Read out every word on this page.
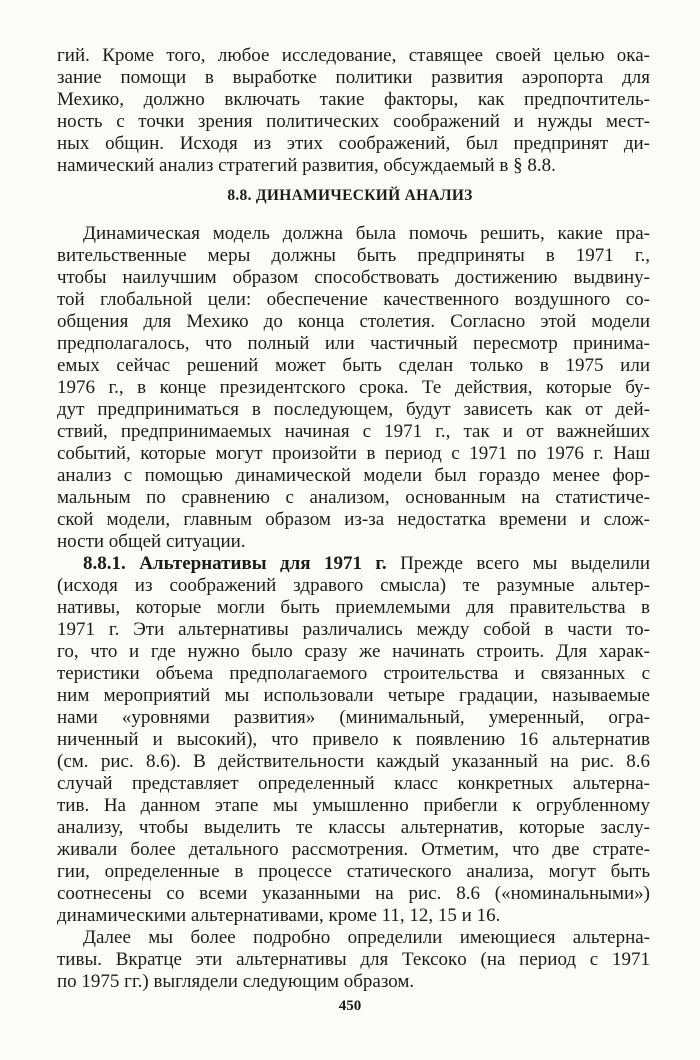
гий. Кроме того, любое исследование, ставящее своей целью ока-
зание помощи в выработке политики развития аэропорта для
Мехико, должно включать такие факторы, как предпочтитель-
ность с точки зрения политических соображений и нужды мест-
ных общин. Исходя из этих соображений, был предпринят ди-
намический анализ стратегий развития, обсуждаемый в § 8.8.
8.8. ДИНАМИЧЕСКИЙ АНАЛИЗ
Динамическая модель должна была помочь решить, какие пра-
вительственные меры должны быть предприняты в 1971 г.,
чтобы наилучшим образом способствовать достижению выдвину-
той глобальной цели: обеспечение качественного воздушного со-
общения для Мехико до конца столетия. Согласно этой модели
предполагалось, что полный или частичный пересмотр принима-
емых сейчас решений может быть сделан только в 1975 или
1976 г., в конце президентского срока. Те действия, которые бу-
дут предприниматься в последующем, будут зависеть как от дей-
ствий, предпринимаемых начиная с 1971 г., так и от важнейших
событий, которые могут произойти в период с 1971 по 1976 г. Наш
анализ с помощью динамической модели был гораздо менее фор-
мальным по сравнению с анализом, основанным на статистиче-
ской модели, главным образом из-за недостатка времени и слож-
ности общей ситуации.
8.8.1. Альтернативы для 1971 г. Прежде всего мы выделили
(исходя из соображений здравого смысла) те разумные альтер-
нативы, которые могли быть приемлемыми для правительства в
1971 г. Эти альтернативы различались между собой в части то-
го, что и где нужно было сразу же начинать строить. Для харак-
теристики объема предполагаемого строительства и связанных с
ним мероприятий мы использовали четыре градации, называемые
нами «уровнями развития» (минимальный, умеренный, огра-
ниченный и высокий), что привело к появлению 16 альтернатив
(см. рис. 8.6). В действительности каждый указанный на рис. 8.6
случай представляет определенный класс конкретных альтерна-
тив. На данном этапе мы умышленно прибегли к огрубленному
анализу, чтобы выделить те классы альтернатив, которые заслу-
живали более детального рассмотрения. Отметим, что две страте-
гии, определенные в процессе статического анализа, могут быть
соотнесены со всеми указанными на рис. 8.6 («номинальными»)
динамическими альтернативами, кроме 11, 12, 15 и 16.
Далее мы более подробно определили имеющиеся альтерна-
тивы. Вкратце эти альтернативы для Тексокo (на период с 1971
по 1975 гг.) выглядели следующим образом.
450
